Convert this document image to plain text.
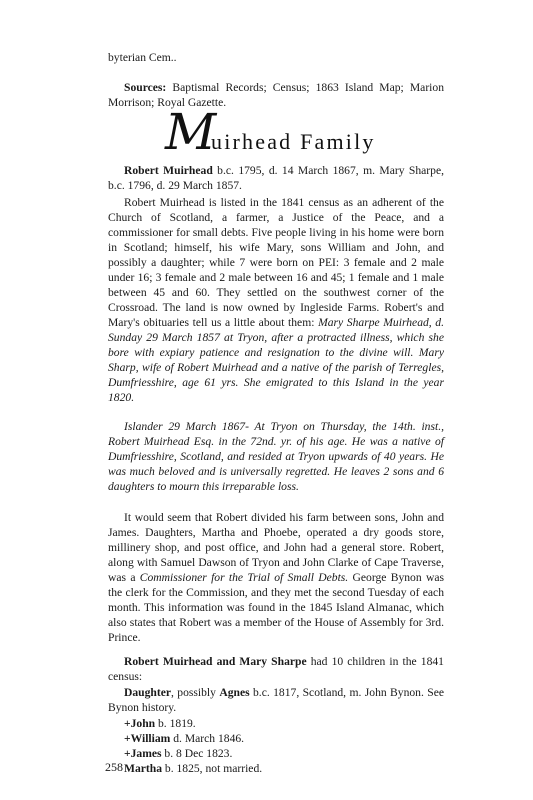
byterian Cem..

Sources: Baptismal Records; Census; 1863 Island Map; Marion Morrison; Royal Gazette.

M
uirhead Family

Robert Muirhead b.c. 1795, d. 14 March 1867, m. Mary Sharpe, b.c. 1796, d. 29 March 1857.

Robert Muirhead is listed in the 1841 census as an adherent of the Church of Scotland, a farmer, a Justice of the Peace, and a commissioner for small debts. Five people living in his home were born in Scotland; himself, his wife Mary, sons William and John, and possibly a daughter; while 7 were born on PEI: 3 female and 2 male under 16; 3 female and 2 male between 16 and 45; 1 female and 1 male between 45 and 60. They settled on the southwest corner of the Crossroad. The land is now owned by Ingleside Farms. Robert's and Mary's obituaries tell us a little about them: Mary Sharpe Muirhead, d. Sunday 29 March 1857 at Tryon, after a protracted illness, which she bore with expiary patience and resignation to the divine will. Mary Sharp, wife of Robert Muirhead and a native of the parish of Terregles, Dumfriesshire, age 61 yrs. She emigrated to this Island in the year 1820.

Islander 29 March 1867- At Tryon on Thursday, the 14th. inst., Robert Muirhead Esq. in the 72nd. yr. of his age. He was a native of Dumfriesshire, Scotland, and resided at Tryon upwards of 40 years. He was much beloved and is universally regretted. He leaves 2 sons and 6 daughters to mourn this irreparable loss.

It would seem that Robert divided his farm between sons, John and James. Daughters, Martha and Phoebe, operated a dry goods store, millinery shop, and post office, and John had a general store. Robert, along with Samuel Dawson of Tryon and John Clarke of Cape Traverse, was a Commissioner for the Trial of Small Debts. George Bynon was the clerk for the Commission, and they met the second Tuesday of each month. This information was found in the 1845 Island Almanac, which also states that Robert was a member of the House of Assembly for 3rd. Prince.

Robert Muirhead and Mary Sharpe had 10 children in the 1841 census:

Daughter, possibly Agnes b.c. 1817, Scotland, m. John Bynon. See Bynon history.

+John b. 1819.
+William d. March 1846.
+James b. 8 Dec 1823.
Martha b. 1825, not married.
258
